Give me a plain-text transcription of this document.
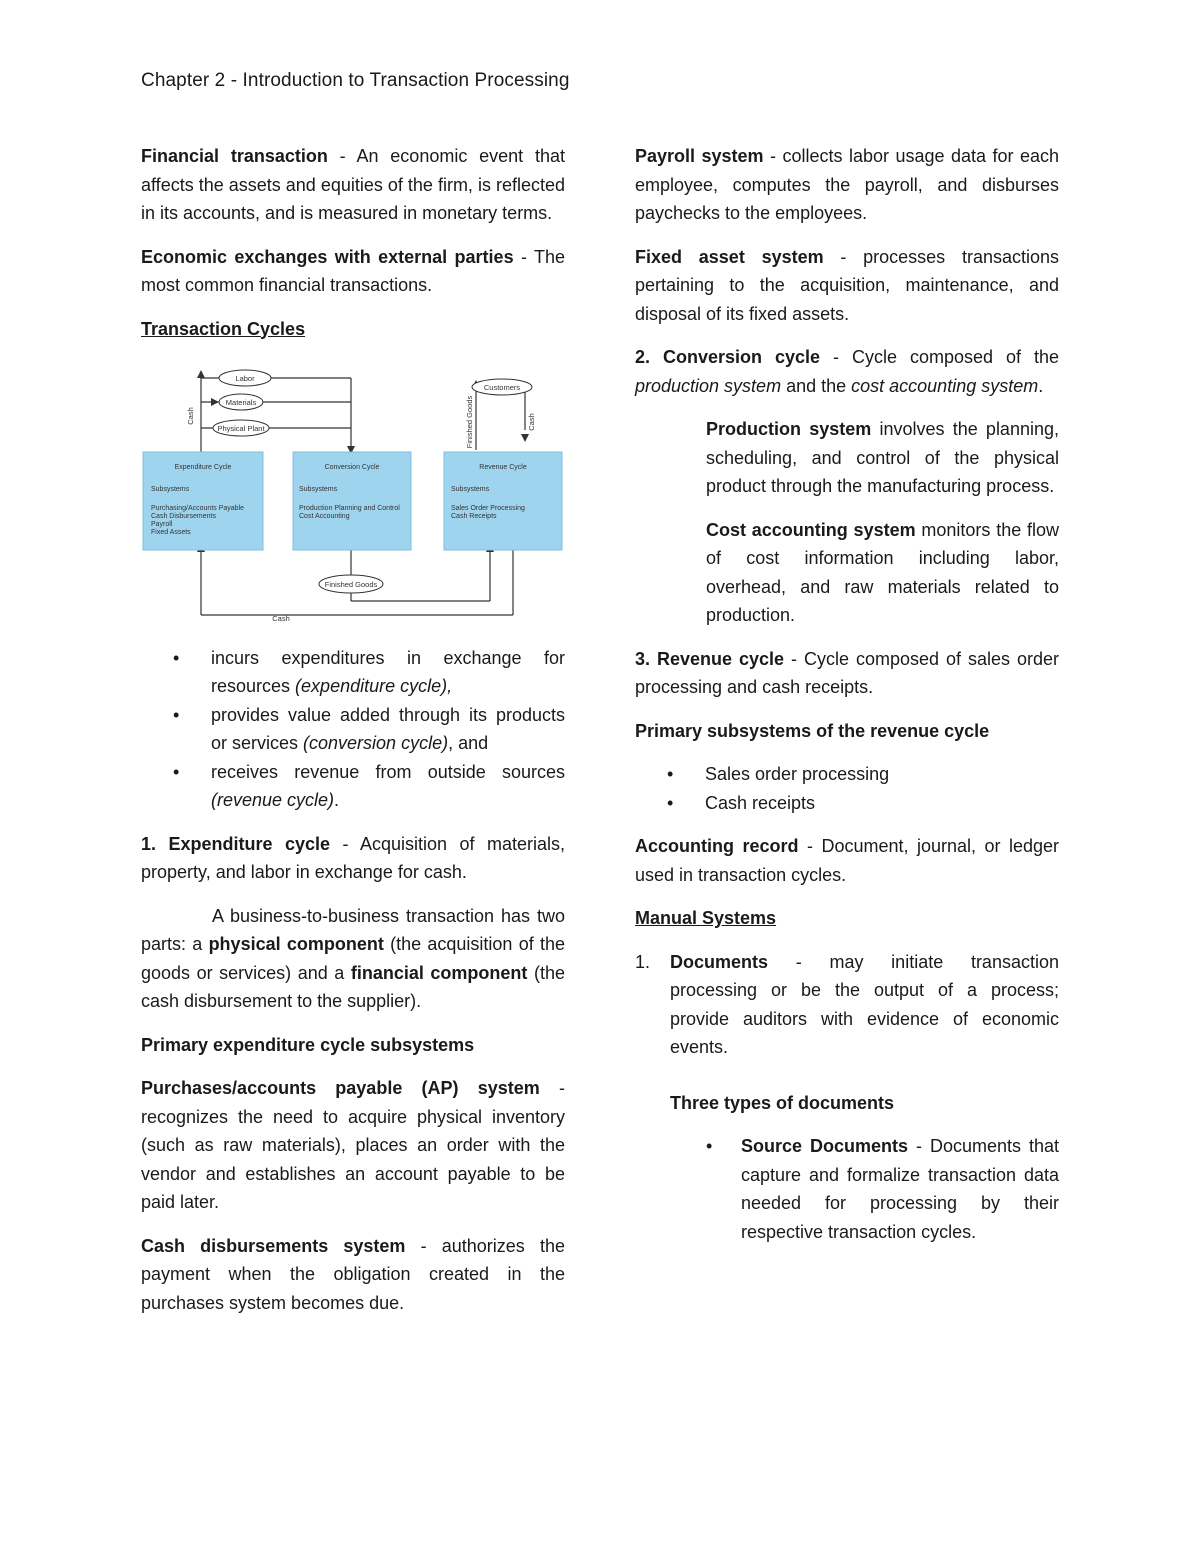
Chapter 2 - Introduction to Transaction Processing

Financial transaction - An economic event that affects the assets and equities of the firm, is reflected in its accounts, and is measured in monetary terms.

Economic exchanges with external parties - The most common financial transactions.

Transaction Cycles

Labor
Materials
Physical Plant
Customers
Finished Goods
Cash
Cash	Finished Goods	Cash
Expenditure Cycle
Subsystems
Purchasing/Accounts Payable
Cash Disbursements
Payroll
Fixed Assets
Conversion Cycle
Subsystems
Production Planning and Control
Cost Accounting
Revenue Cycle
Subsystems
Sales Order Processing
Cash Receipts
• incurs expenditures in exchange for resources (expenditure cycle),
• provides value added through its products or services (conversion cycle), and
• receives revenue from outside sources (revenue cycle).

1. Expenditure cycle - Acquisition of materials, property, and labor in exchange for cash.

A business-to-business transaction has two parts: a physical component (the acquisition of the goods or services) and a financial component (the cash disbursement to the supplier).

Primary expenditure cycle subsystems

Purchases/accounts payable (AP) system - recognizes the need to acquire physical inventory (such as raw materials), places an order with the vendor and establishes an account payable to be paid later.

Cash disbursements system - authorizes the payment when the obligation created in the purchases system becomes due.

Payroll system - collects labor usage data for each employee, computes the payroll, and disburses paychecks to the employees.

Fixed asset system - processes transactions pertaining to the acquisition, maintenance, and disposal of its fixed assets.

2. Conversion cycle - Cycle composed of the production system and the cost accounting system.

Production system involves the planning, scheduling, and control of the physical product through the manufacturing process.

Cost accounting system monitors the flow of cost information including labor, overhead, and raw materials related to production.

3. Revenue cycle - Cycle composed of sales order processing and cash receipts.

Primary subsystems of the revenue cycle

• Sales order processing
• Cash receipts

Accounting record - Document, journal, or ledger used in transaction cycles.

Manual Systems

1. Documents - may initiate transaction processing or be the output of a process; provide auditors with evidence of economic events.

Three types of documents

• Source Documents - Documents that capture and formalize transaction data needed for processing by their respective transaction cycles.
